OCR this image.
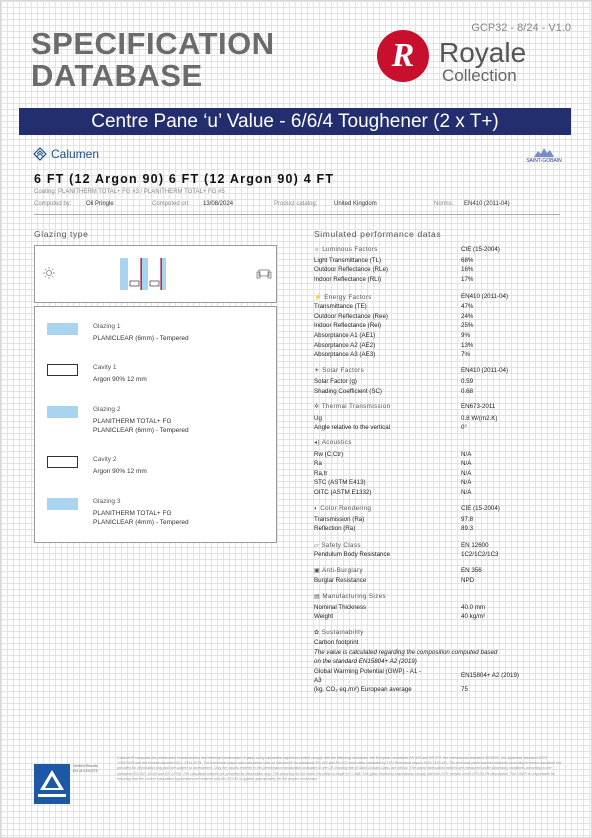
GCP32 - 8/24 - V1.0
SPECIFICATION
DATABASE
R Royale
Collection
Centre Pane ‘u’ Value - 6/6/4 Toughener (2 x T+)
Calumen	SAINT-GOBAIN
6 FT (12 Argon 90) 6 FT (12 Argon 90) 4 FT
Coating: PLANITHERM TOTAL+ FG #3 / PLANITHERM TOTAL+ FG #5
Computed by: Oli Pringle	Computed on: 13/08/2024	Product catalog:	United Kingdom	Norms: EN410 (2011-04)
Glazing type
Glazing 1
PLANICLEAR (6mm) - Tempered
Cavity 1
Argon 90% 12 mm
Glazing 2
PLANITHERM TOTAL+ FG
PLANICLEAR (6mm) - Tempered
Cavity 2
Argon 90% 12 mm
Glazing 3
PLANITHERM TOTAL+ FG
PLANICLEAR (4mm) - Tempered
Simulated performance datas
☼ Luminous Factors	CIE (15-2004)
Light Transmittance (TL)	68%
Outdoor Reflectance (RLe)	16%
Indoor Reflectance (RLi)	17%
⚡ Energy Factors	EN410 (2011-04)
Transmittance (TE)	47%
Outdoor Reflectance (Ree)	24%
Indoor Reflectance (Rei)	25%
Absorptance A1 (AE1)	9%
Absorptance A2 (AE2)	13%
Absorptance A3 (AE3)	7%
☀ Solar Factors	EN410 (2011-04)
Solar Factor (g)	0.59
Shading Coefficient (SC)	0.68
✲ Thermal Transmission	EN673-2011
Ug	0.8 W/(m2.K)
Angle relative to the vertical	0°
◂) Acoustics
Rw (C;Ctr)	N/A
Ra	N/A
Ra,tr	N/A
STC (ASTM E413)	N/A
OITC (ASTM E1332)	N/A
◐ Color Rendering	CIE (15-2004)
Transmission (Ra)	97.8
Reflection (Ra)	89.3
▱ Safety Class	EN 12600
Pendulum Body Resistance	1C2/1C2/1C3
▣ Anti-Burglary	EN 356
Burglar Resistance	NPD
▤ Manufacturing Sizes
Nominal Thickness	40.0 mm
Weight	40 kg/m²
✿ Sustainability
Carbon footprint
The value is calculated regarding the composition computed based
on the standard EN15804+ A2 (2019)
Global Warming Potential (GWP) - A1 -
EN15804+ A2 (2019)
A3
(kg. CO₂ eq./m²) European average	75
Verified Results EN 410 EN 673
Calumen® computes the photometric characteristics and thermal transmission of glass using calculation algorithms which comply with the following standards: the European standards EN 410 and EN 673, the international standard ISO9050, the Japanese standard JIS R 3106:2019 and the Korean standard KS L 2514:2015. The functional output and calculation rules of Calumen® for standards EN 410 and EN 673 have been validated by TÜV Rheinland (report 8929 2133-01). The technical performances obtained according to these standards are provided for information only and are subject to amendment. Only the values entered in the performance declaration available on the CE marking site of Saint-Gobain Glass are official. The sound attenuation indices are measured under laboratory conditions according to the standards EN ISO 10140 and EN 12758. The calculated indices are provided for information only. The accuracy for the index Rw within a range of +/-2dB. The glass thickness calculations comply with the 2/3 E version of the DTU39-P4 description. The USER is responsible for ensuring that the current calculation hypotheses are entered and the DTU39 is applied appropriately for the project concerned.
